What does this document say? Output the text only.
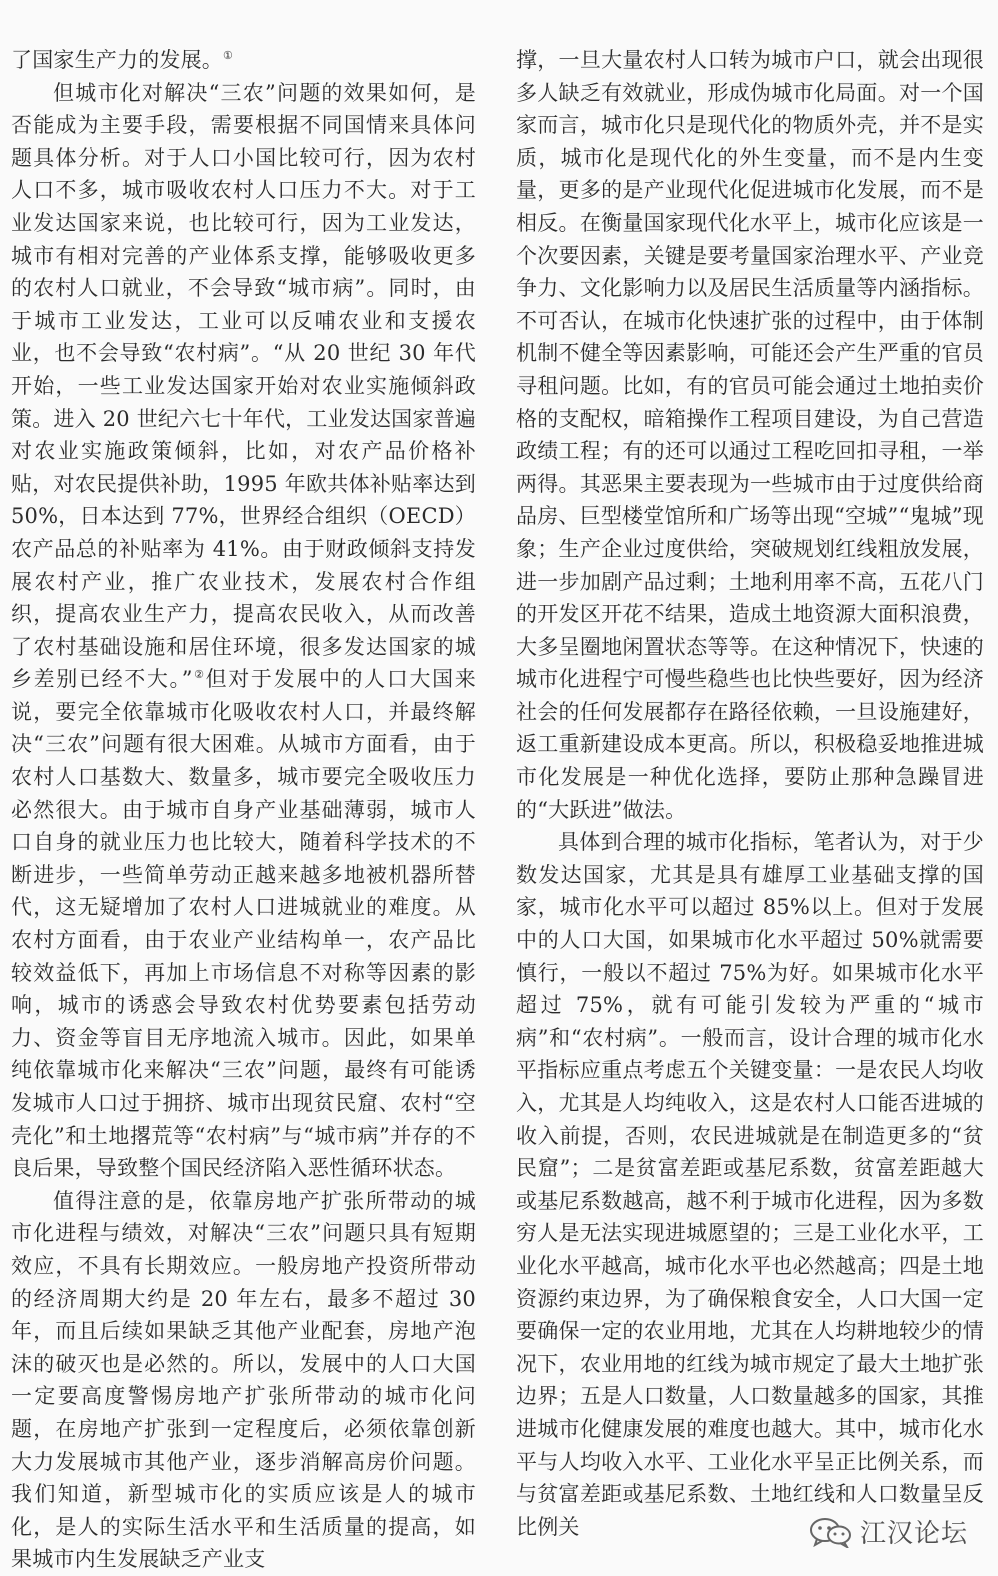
了国家生产力的发展。①

但城市化对解决“三农”问题的效果如何，是否能成为主要手段，需要根据不同国情来具体问题具体分析。对于人口小国比较可行，因为农村人口不多，城市吸收农村人口压力不大。对于工业发达国家来说，也比较可行，因为工业发达，城市有相对完善的产业体系支撑，能够吸收更多的农村人口就业，不会导致“城市病”。同时，由于城市工业发达，工业可以反哺农业和支援农业，也不会导致“农村病”。“从 20 世纪 30 年代开始，一些工业发达国家开始对农业实施倾斜政策。进入 20 世纪六七十年代，工业发达国家普遍对农业实施政策倾斜，比如，对农产品价格补贴，对农民提供补助，1995 年欧共体补贴率达到 50%，日本达到 77%，世界经合组织（OECD）农产品总的补贴率为 41%。由于财政倾斜支持发展农村产业，推广农业技术，发展农村合作组织，提高农业生产力，提高农民收入，从而改善了农村基础设施和居住环境，很多发达国家的城乡差别已经不大。”②但对于发展中的人口大国来说，要完全依靠城市化吸收农村人口，并最终解决“三农”问题有很大困难。从城市方面看，由于农村人口基数大、数量多，城市要完全吸收压力必然很大。由于城市自身产业基础薄弱，城市人口自身的就业压力也比较大，随着科学技术的不断进步，一些简单劳动正越来越多地被机器所替代，这无疑增加了农村人口进城就业的难度。从农村方面看，由于农业产业结构单一，农产品比较效益低下，再加上市场信息不对称等因素的影响，城市的诱惑会导致农村优势要素包括劳动力、资金等盲目无序地流入城市。因此，如果单纯依靠城市化来解决“三农”问题，最终有可能诱发城市人口过于拥挤、城市出现贫民窟、农村“空壳化”和土地撂荒等“农村病”与“城市病”并存的不良后果，导致整个国民经济陷入恶性循环状态。

值得注意的是，依靠房地产扩张所带动的城市化进程与绩效，对解决“三农”问题只具有短期效应，不具有长期效应。一般房地产投资所带动的经济周期大约是 20 年左右，最多不超过 30 年，而且后续如果缺乏其他产业配套，房地产泡沫的破灭也是必然的。所以，发展中的人口大国一定要高度警惕房地产扩张所带动的城市化问题，在房地产扩张到一定程度后，必须依靠创新大力发展城市其他产业，逐步消解高房价问题。我们知道，新型城市化的实质应该是人的城市化，是人的实际生活水平和生活质量的提高，如果城市内生发展缺乏产业支

撑，一旦大量农村人口转为城市户口，就会出现很多人缺乏有效就业，形成伪城市化局面。对一个国家而言，城市化只是现代化的物质外壳，并不是实质，城市化是现代化的外生变量，而不是内生变量，更多的是产业现代化促进城市化发展，而不是相反。在衡量国家现代化水平上，城市化应该是一个次要因素，关键是要考量国家治理水平、产业竞争力、文化影响力以及居民生活质量等内涵指标。不可否认，在城市化快速扩张的过程中，由于体制机制不健全等因素影响，可能还会产生严重的官员寻租问题。比如，有的官员可能会通过土地拍卖价格的支配权，暗箱操作工程项目建设，为自己营造政绩工程；有的还可以通过工程吃回扣寻租，一举两得。其恶果主要表现为一些城市由于过度供给商品房、巨型楼堂馆所和广场等出现“空城”“鬼城”现象；生产企业过度供给，突破规划红线粗放发展，进一步加剧产品过剩；土地利用率不高，五花八门的开发区开花不结果，造成土地资源大面积浪费，大多呈圈地闲置状态等等。在这种情况下，快速的城市化进程宁可慢些稳些也比快些要好，因为经济社会的任何发展都存在路径依赖，一旦设施建好，返工重新建设成本更高。所以，积极稳妥地推进城市化发展是一种优化选择，要防止那种急躁冒进的“大跃进”做法。

具体到合理的城市化指标，笔者认为，对于少数发达国家，尤其是具有雄厚工业基础支撑的国家，城市化水平可以超过 85%以上。但对于发展中的人口大国，如果城市化水平超过 50%就需要慎行，一般以不超过 75%为好。如果城市化水平超过 75%，就有可能引发较为严重的“城市病”和“农村病”。一般而言，设计合理的城市化水平指标应重点考虑五个关键变量：一是农民人均收入，尤其是人均纯收入，这是农村人口能否进城的收入前提，否则，农民进城就是在制造更多的“贫民窟”；二是贫富差距或基尼系数，贫富差距越大或基尼系数越高，越不利于城市化进程，因为多数穷人是无法实现进城愿望的；三是工业化水平，工业化水平越高，城市化水平也必然越高；四是土地资源约束边界，为了确保粮食安全，人口大国一定要确保一定的农业用地，尤其在人均耕地较少的情况下，农业用地的红线为城市规定了最大土地扩张边界；五是人口数量，人口数量越多的国家，其推进城市化健康发展的难度也越大。其中，城市化水平与人均收入水平、工业化水平呈正比例关系，而与贫富差距或基尼系数、土地红线和人口数量呈反比例关	江汉论坛
